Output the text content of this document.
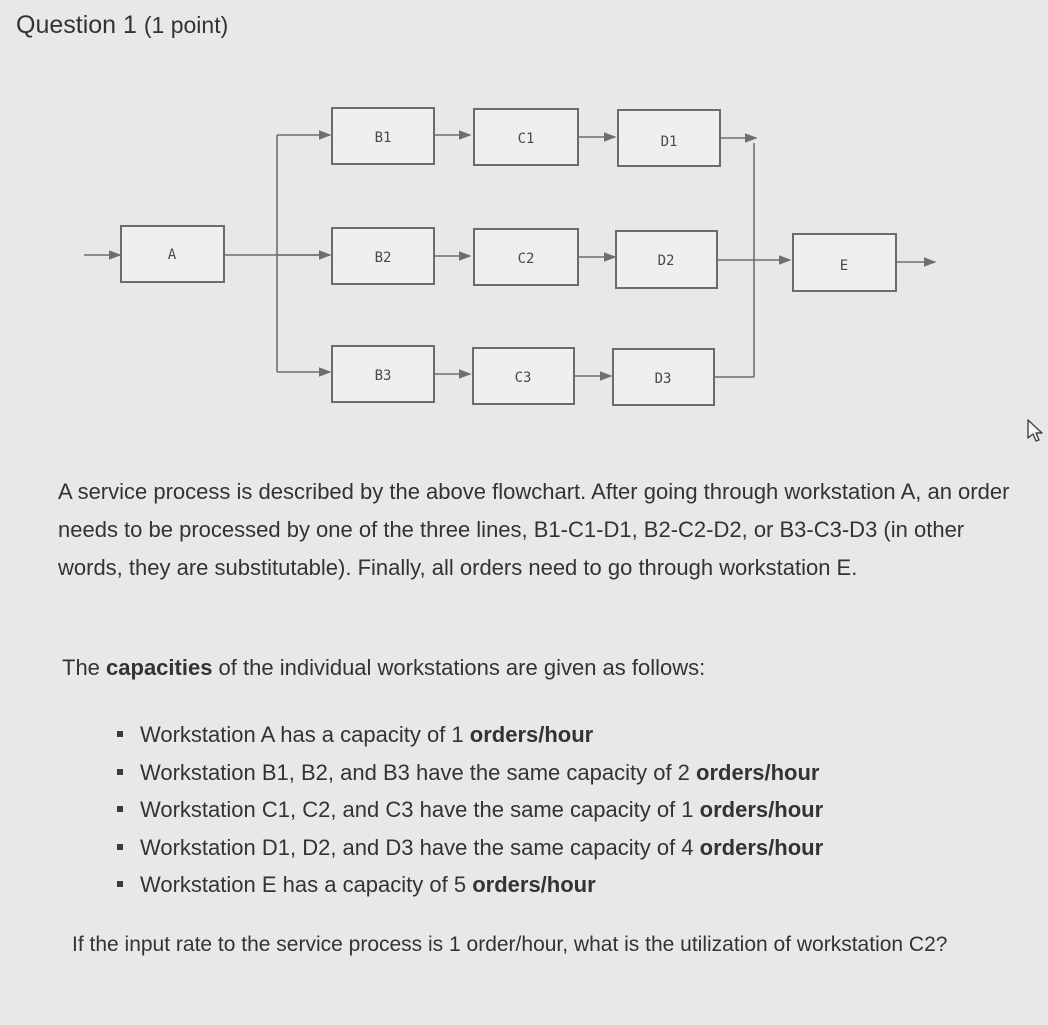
Question 1 (1 point)
A
B1
B2
B3
C1
C2
C3
D1
D2
D3
E

A service process is described by the above flowchart. After going through workstation A, an order needs to be processed by one of the three lines, B1-C1-D1, B2-C2-D2, or B3-C3-D3 (in other words, they are substitutable). Finally, all orders need to go through workstation E.

The capacities of the individual workstations are given as follows:
Workstation A has a capacity of 1 orders/hour
Workstation B1, B2, and B3 have the same capacity of 2 orders/hour
Workstation C1, C2, and C3 have the same capacity of 1 orders/hour
Workstation D1, D2, and D3 have the same capacity of 4 orders/hour
Workstation E has a capacity of 5 orders/hour
If the input rate to the service process is 1 order/hour, what is the utilization of workstation C2?
